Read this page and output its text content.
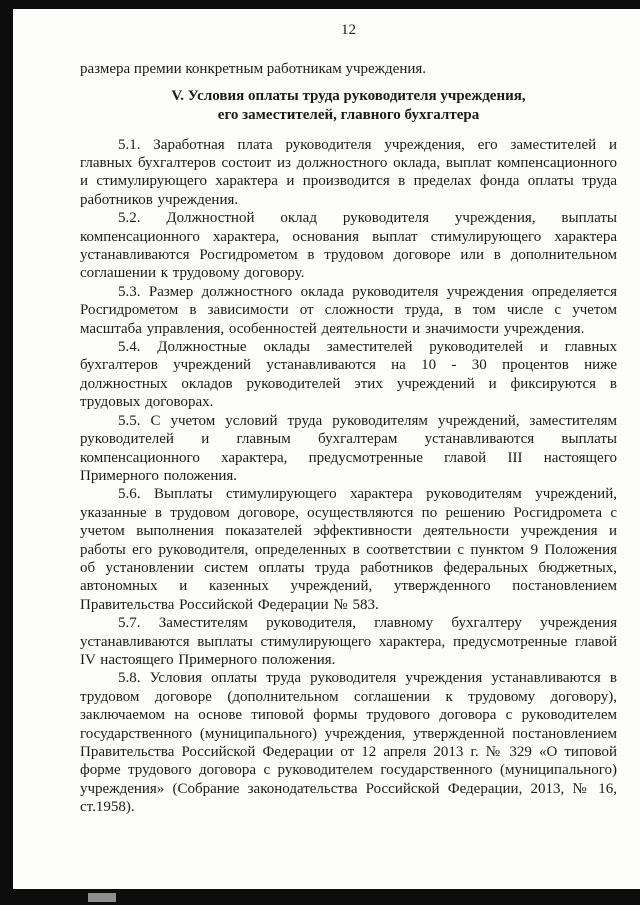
12

размера премии конкретным работникам учреждения.

V. Условия оплаты труда руководителя учреждения,
его заместителей, главного бухгалтера

5.1. Заработная плата руководителя учреждения, его заместителей и главных бухгалтеров состоит из должностного оклада, выплат компенсационного и стимулирующего характера и производится в пределах фонда оплаты труда работников учреждения.

5.2. Должностной оклад руководителя учреждения, выплаты компенсационного характера, основания выплат стимулирующего характера устанавливаются Росгидрометом в трудовом договоре или в дополнительном соглашении к трудовому договору.

5.3. Размер должностного оклада руководителя учреждения определяется Росгидрометом в зависимости от сложности труда, в том числе с учетом масштаба управления, особенностей деятельности и значимости учреждения.

5.4. Должностные оклады заместителей руководителей и главных бухгалтеров учреждений устанавливаются на 10 - 30 процентов ниже должностных окладов руководителей этих учреждений и фиксируются в трудовых договорах.

5.5. С учетом условий труда руководителям учреждений, заместителям руководителей и главным бухгалтерам устанавливаются выплаты компенсационного характера, предусмотренные главой III настоящего Примерного положения.

5.6. Выплаты стимулирующего характера руководителям учреждений, указанные в трудовом договоре, осуществляются по решению Росгидромета с учетом выполнения показателей эффективности деятельности учреждения и работы его руководителя, определенных в соответствии с пунктом 9 Положения об установлении систем оплаты труда работников федеральных бюджетных, автономных и казенных учреждений, утвержденного постановлением Правительства Российской Федерации № 583.

5.7. Заместителям руководителя, главному бухгалтеру учреждения устанавливаются выплаты стимулирующего характера, предусмотренные главой IV настоящего Примерного положения.

5.8. Условия оплаты труда руководителя учреждения устанавливаются в трудовом договоре (дополнительном соглашении к трудовому договору), заключаемом на основе типовой формы трудового договора с руководителем государственного (муниципального) учреждения, утвержденной постановлением Правительства Российской Федерации от 12 апреля 2013 г. № 329 «О типовой форме трудового договора с руководителем государственного (муниципального) учреждения» (Собрание законодательства Российской Федерации, 2013, № 16, ст.1958).
